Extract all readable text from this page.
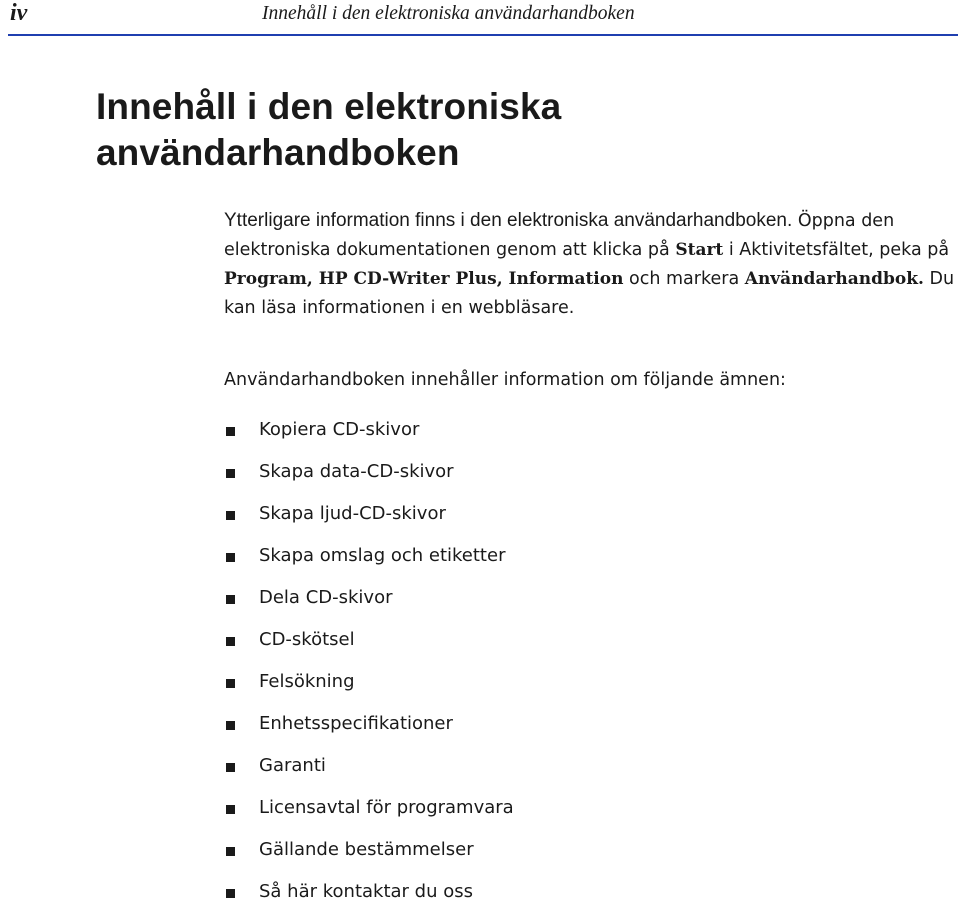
iv	Innehåll i den elektroniska användarhandboken
Innehåll i den elektroniska
användarhandboken

Ytterligare information finns i den elektroniska användarhandboken. Öppna den elektroniska dokumentationen genom att klicka på Start i Aktivitetsfältet, peka på Program, HP CD-Writer Plus, Information och markera Användarhandbok. Du kan läsa informationen i en webbläsare.

Användarhandboken innehåller information om följande ämnen:

Kopiera CD-skivor
Skapa data-CD-skivor
Skapa ljud-CD-skivor
Skapa omslag och etiketter
Dela CD-skivor
CD-skötsel
Felsökning
Enhetsspecifikationer
Garanti
Licensavtal för programvara
Gällande bestämmelser
Så här kontaktar du oss
